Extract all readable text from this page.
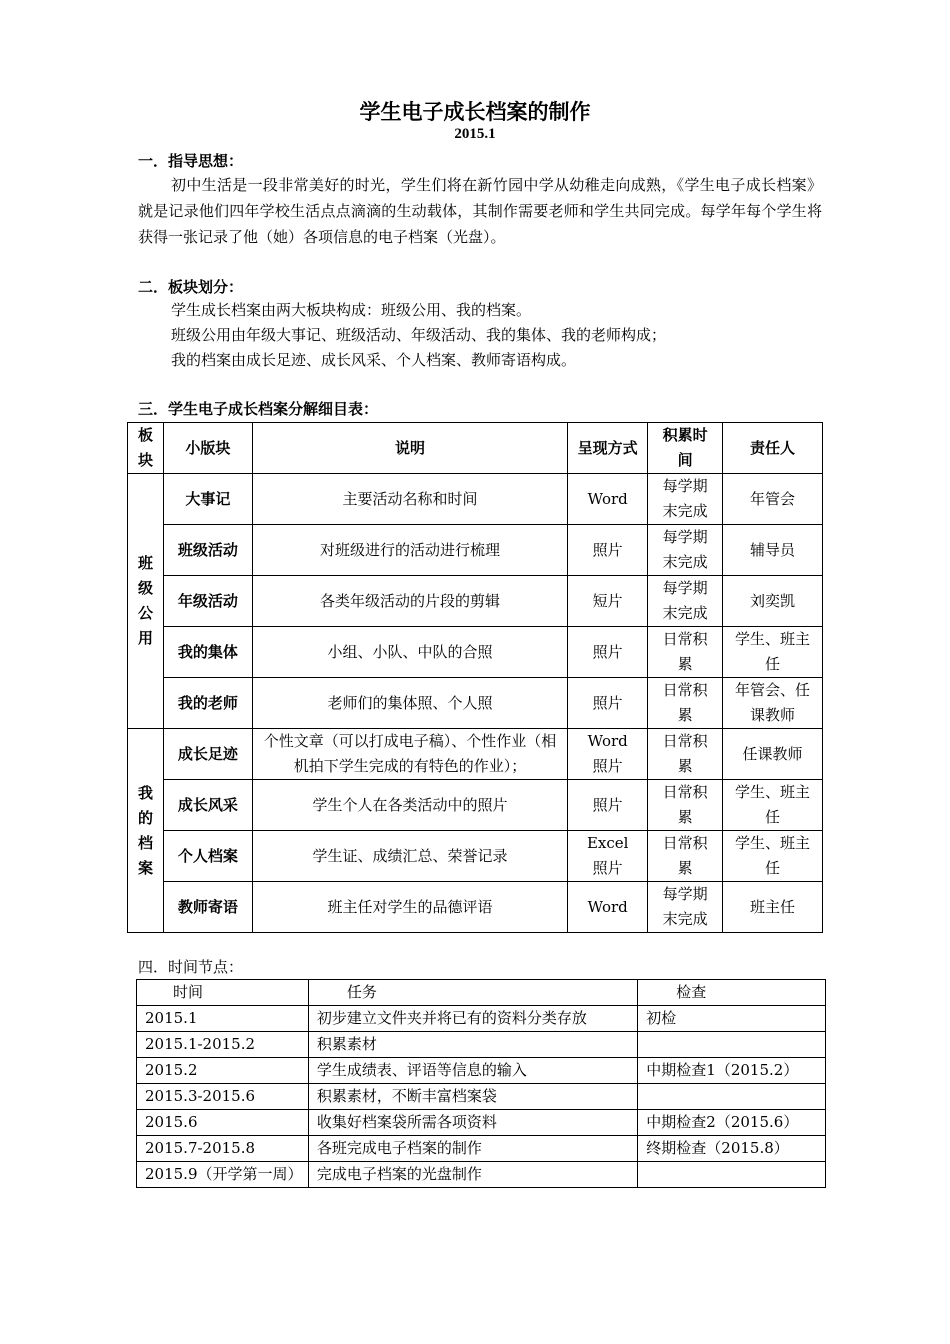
学生电子成长档案的制作
2015.1
一．指导思想：
初中生活是一段非常美好的时光，学生们将在新竹园中学从幼稚走向成熟，《学生电子成长档案》就是记录他们四年学校生活点点滴滴的生动载体，其制作需要老师和学生共同完成。每学年每个学生将获得一张记录了他（她）各项信息的电子档案（光盘）。
二．板块划分：
学生成长档案由两大板块构成：班级公用、我的档案。
班级公用由年级大事记、班级活动、年级活动、我的集体、我的老师构成；
我的档案由成长足迹、成长风采、个人档案、教师寄语构成。
三．学生电子成长档案分解细目表：
板块	小版块	说明	呈现方式	积累时间	责任人
班级公用	大事记	主要活动名称和时间	Word	每学期末完成	年管会
	班级活动	对班级进行的活动进行梳理	照片	每学期末完成	辅导员
	年级活动	各类年级活动的片段的剪辑	短片	每学期末完成	刘奕凯
	我的集体	小组、小队、中队的合照	照片	日常积累	学生、班主任
	我的老师	老师们的集体照、个人照	照片	日常积累	年管会、任课教师
我的档案	成长足迹	个性文章（可以打成电子稿）、个性作业（相机拍下学生完成的有特色的作业）；	Word 照片	日常积累	任课教师
	成长风采	学生个人在各类活动中的照片	照片	日常积累	学生、班主任
	个人档案	学生证、成绩汇总、荣誉记录	Excel 照片	日常积累	学生、班主任
	教师寄语	班主任对学生的品德评语	Word	每学期末完成	班主任
四．时间节点：
时间	任务	检查
2015.1	初步建立文件夹并将已有的资料分类存放	初检
2015.1-2015.2	积累素材	
2015.2	学生成绩表、评语等信息的输入	中期检查1（2015.2）
2015.3-2015.6	积累素材，不断丰富档案袋	
2015.6	收集好档案袋所需各项资料	中期检查2（2015.6）
2015.7-2015.8	各班完成电子档案的制作	终期检查（2015.8）
2015.9（开学第一周）	完成电子档案的光盘制作	
